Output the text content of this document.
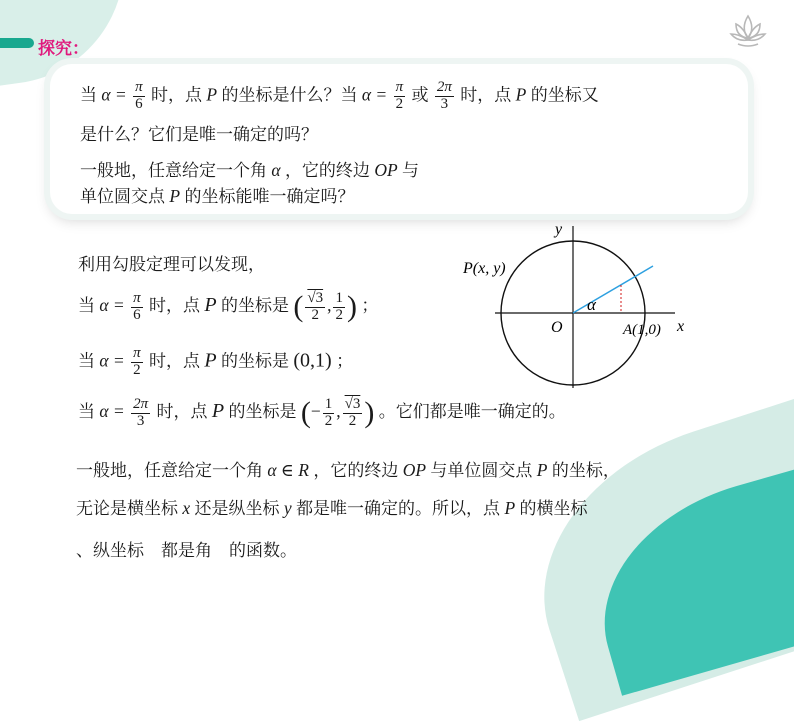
探究：
当 $\alpha = \frac{\pi}{6}$ 时，点 P 的坐标是什么？当 $\alpha = \frac{\pi}{2}$ 或 $\frac{2\pi}{3}$ 时，点 P 的坐标又
是什么？它们是唯一确定的吗？
一般地，任意给定一个角 α ，它的终边 OP 与
单位圆交点 P 的坐标能唯一确定吗？
利用勾股定理可以发现，
当 $\alpha = \frac{\pi}{6}$ 时，点 P 的坐标是 ( $\frac{√3}{2}$ , $\frac{1}{2}$ ) ；
当 $\alpha = \frac{\pi}{2}$ 时，点 P 的坐标是 (0,1) ；
当 $\alpha = \frac{2\pi}{3}$ 时，点 P 的坐标是 (− $\frac{1}{2}$ , $\frac{√3}{2}$ ) 。它们都是唯一确定的。
一般地，任意给定一个角 α ∈ R ，它的终边 OP 与单位圆交点 P 的坐标，
无论是横坐标 x 还是纵坐标 y 都是唯一确定的。所以，点 P 的横坐标
、纵坐标　都是角　的函数。
y
x
O
α
P(x, y)
A(1,0)
